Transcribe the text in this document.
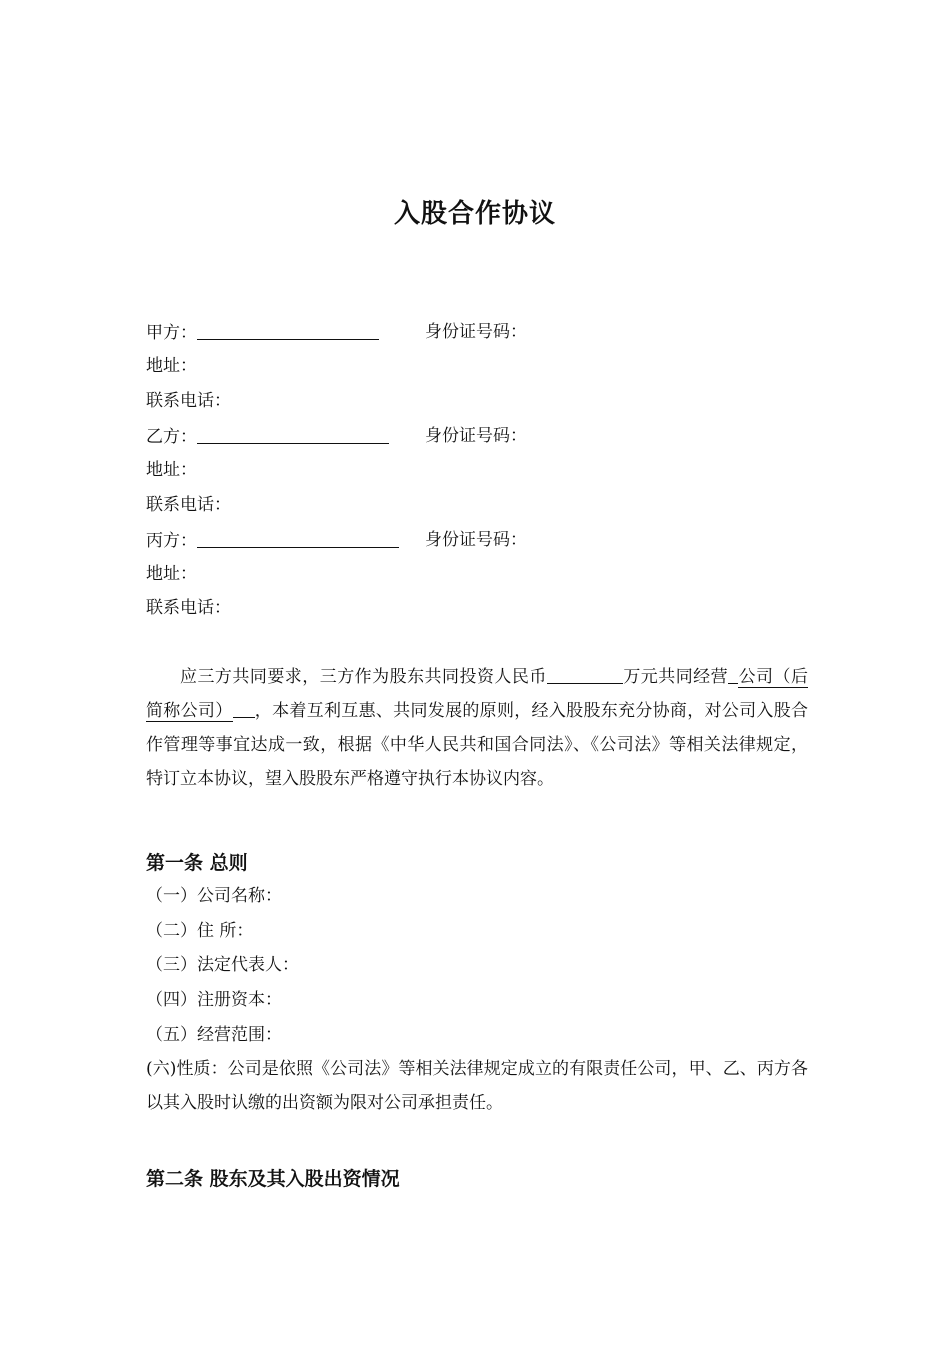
入股合作协议
甲方：	身份证号码：
地址：
联系电话：
乙方：	身份证号码：
地址：
联系电话：
丙方：	身份证号码：
地址：
联系电话：

应三方共同要求，三方作为股东共同投资人民币	万元共同经营 公司（后简称公司） ，本着互利互惠、共同发展的原则，经入股股东充分协商，对公司入股合作管理等事宜达成一致，根据《中华人民共和国合同法》、《公司法》等相关法律规定，特订立本协议，望入股股东严格遵守执行本协议内容。

第一条 总则
（一）公司名称：
（二）住 所：
（三）法定代表人：
（四）注册资本：
（五）经营范围：
(六)性质：公司是依照《公司法》等相关法律规定成立的有限责任公司，甲、乙、丙方各以其入股时认缴的出资额为限对公司承担责任。
第二条 股东及其入股出资情况
